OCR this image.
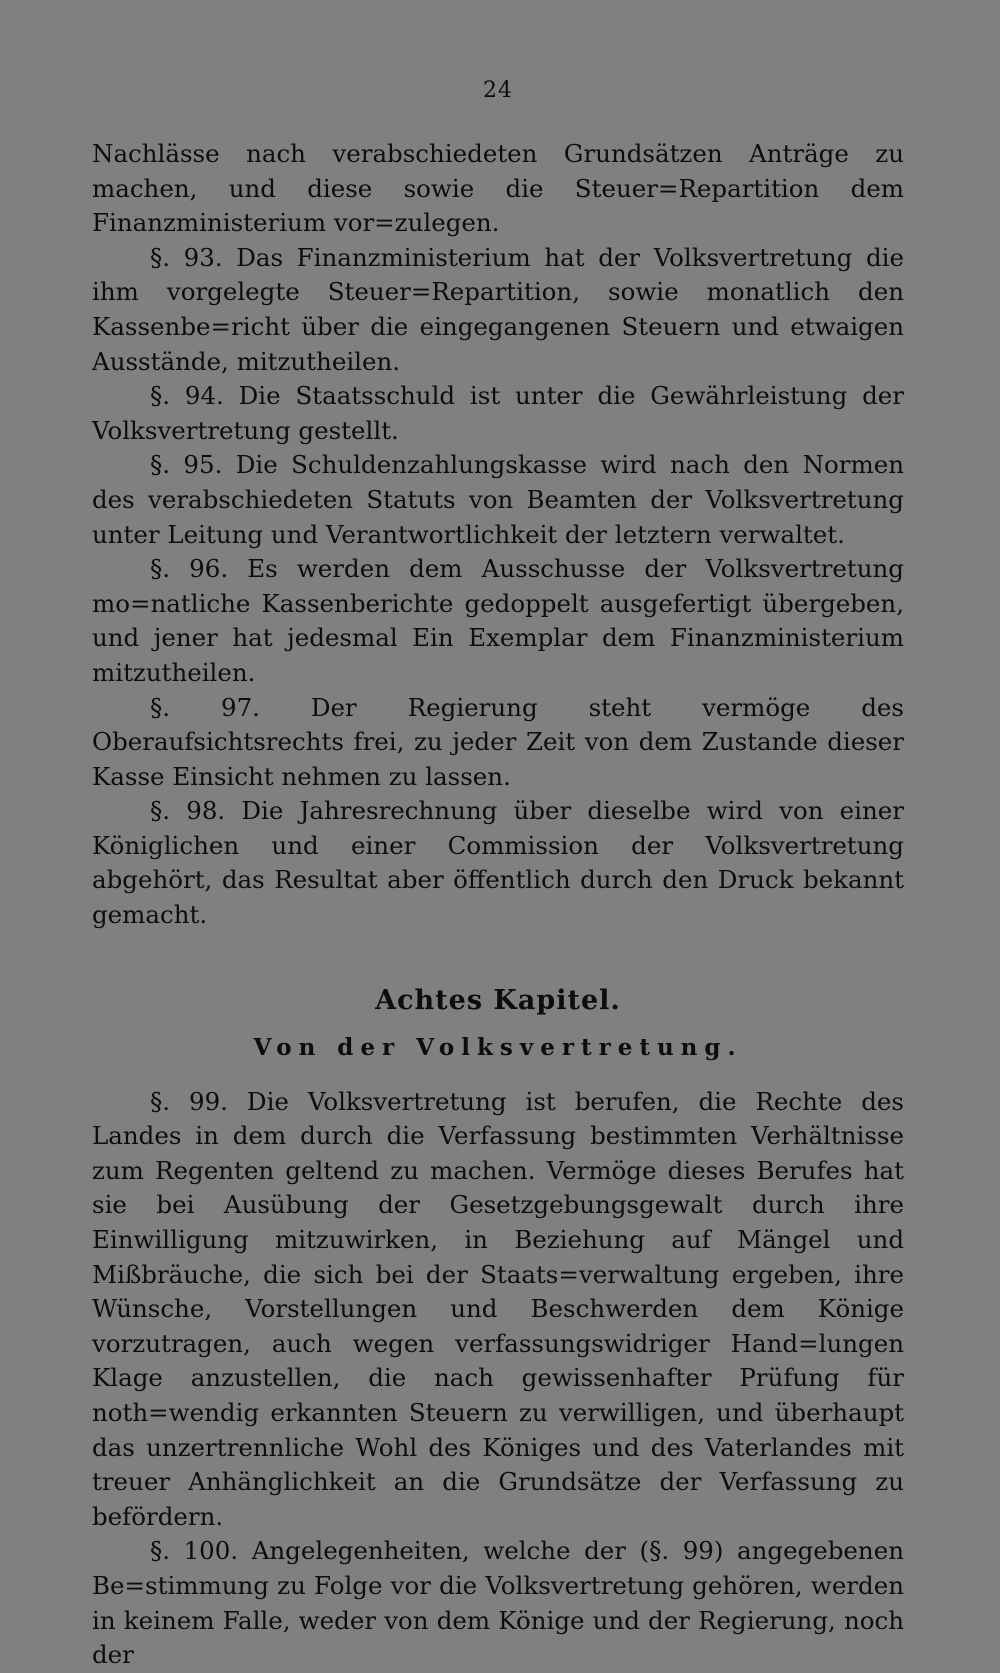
24

Nachlässe nach verabschiedeten Grundsätzen Anträge zu machen, und diese sowie die Steuer=Repartition dem Finanzministerium vor=zulegen.

§. 93. Das Finanzministerium hat der Volksvertretung die ihm vorgelegte Steuer=Repartition, sowie monatlich den Kassenbe=richt über die eingegangenen Steuern und etwaigen Ausstände, mitzutheilen.

§. 94. Die Staatsschuld ist unter die Gewährleistung der Volksvertretung gestellt.

§. 95. Die Schuldenzahlungskasse wird nach den Normen des verabschiedeten Statuts von Beamten der Volksvertretung unter Leitung und Verantwortlichkeit der letztern verwaltet.

§. 96. Es werden dem Ausschusse der Volksvertretung mo=natliche Kassenberichte gedoppelt ausgefertigt übergeben, und jener hat jedesmal Ein Exemplar dem Finanzministerium mitzutheilen.

§. 97. Der Regierung steht vermöge des Oberaufsichtsrechts frei, zu jeder Zeit von dem Zustande dieser Kasse Einsicht nehmen zu lassen.

§. 98. Die Jahresrechnung über dieselbe wird von einer Königlichen und einer Commission der Volksvertretung abgehört, das Resultat aber öffentlich durch den Druck bekannt gemacht.

Achtes Kapitel.
Von der Volksvertretung.

§. 99. Die Volksvertretung ist berufen, die Rechte des Landes in dem durch die Verfassung bestimmten Verhältnisse zum Regenten geltend zu machen. Vermöge dieses Berufes hat sie bei Ausübung der Gesetzgebungsgewalt durch ihre Einwilligung mitzuwirken, in Beziehung auf Mängel und Mißbräuche, die sich bei der Staats=verwaltung ergeben, ihre Wünsche, Vorstellungen und Beschwerden dem Könige vorzutragen, auch wegen verfassungswidriger Hand=lungen Klage anzustellen, die nach gewissenhafter Prüfung für noth=wendig erkannten Steuern zu verwilligen, und überhaupt das unzertrennliche Wohl des Königes und des Vaterlandes mit treuer Anhänglichkeit an die Grundsätze der Verfassung zu befördern.

§. 100. Angelegenheiten, welche der (§. 99) angegebenen Be=stimmung zu Folge vor die Volksvertretung gehören, werden in keinem Falle, weder von dem Könige und der Regierung, noch der
